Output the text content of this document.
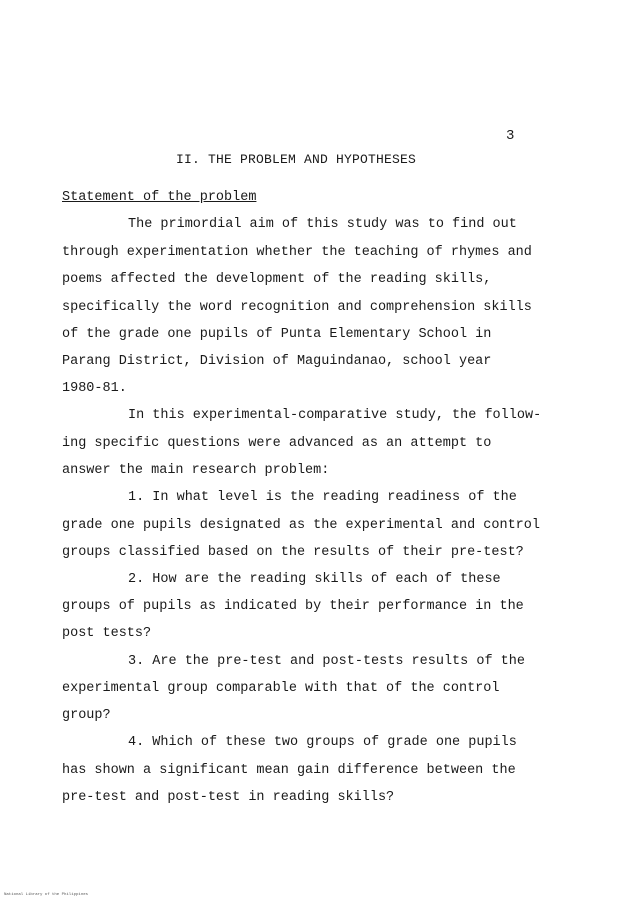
3
II. THE PROBLEM AND HYPOTHESES
Statement of the problem
The primordial aim of this study was to find out
through experimentation whether the teaching of rhymes and
poems affected the development of the reading skills,
specifically the word recognition and comprehension skills
of the grade one pupils of Punta Elementary School in
Parang District, Division of Maguindanao, school year
1980-81.
In this experimental-comparative study, the follow-
ing specific questions were advanced as an attempt to
answer the main research problem:
1. In what level is the reading readiness of the
grade one pupils designated as the experimental and control
groups classified based on the results of their pre-test?
2. How are the reading skills of each of these
groups of pupils as indicated by their performance in the
post tests?
3. Are the pre-test and post-tests results of the
experimental group comparable with that of the control
group?
4. Which of these two groups of grade one pupils
has shown a significant mean gain difference between the
pre-test and post-test in reading skills?
National Library of the Philippines
